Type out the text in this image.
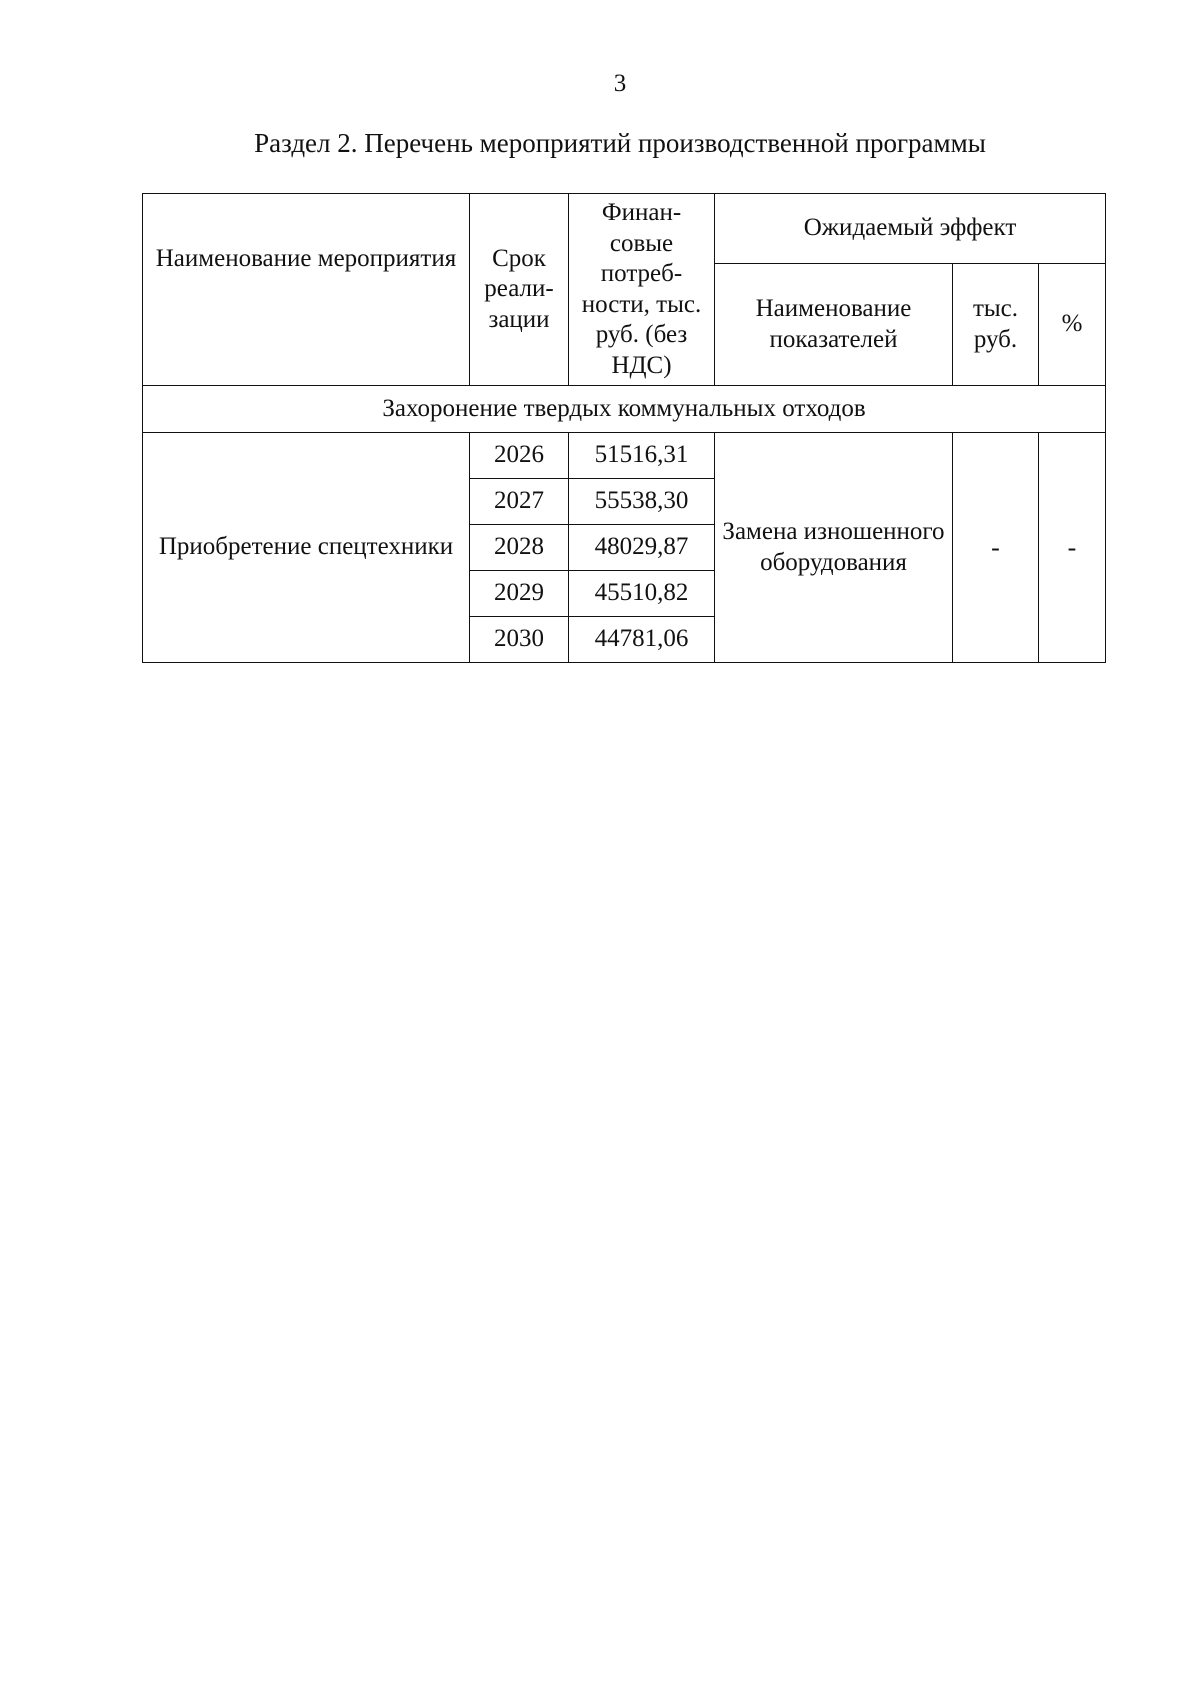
3
Раздел 2. Перечень мероприятий производственной программы
Наименование мероприятия	Срок реали-зации	Финан-совые потреб-ности, тыс. руб. (без НДС)	Ожидаемый эффект		
			Наименование показателей	тыс. руб.	%
Захоронение твердых коммунальных отходов					
Приобретение спецтехники	2026	51516,31	Замена изношенного оборудования	-	-
	2027	55538,30			
	2028	48029,87			
	2029	45510,82			
	2030	44781,06			
